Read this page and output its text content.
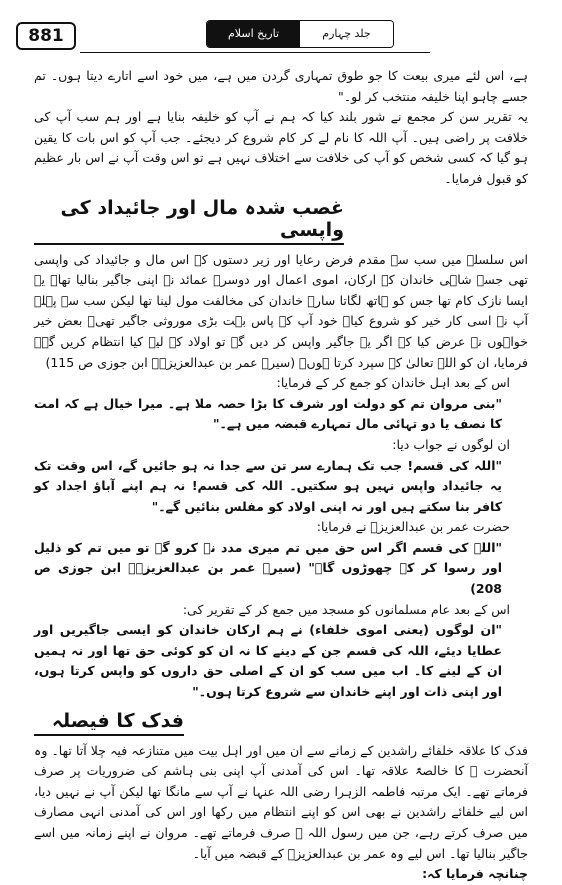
881	تاریخ اسلام	جلد چہارم

ہے، اس لئے میری بیعت کا جو طوق تمہاری گردن میں ہے، میں خود اسے اتارے دیتا ہوں۔ تم جسے چاہو اپنا خلیفہ منتخب کر لو۔"

یہ تقریر سن کر مجمع نے شور بلند کیا کہ ہم نے آپ کو خلیفہ بنایا ہے اور ہم سب آپ کی خلافت پر راضی ہیں۔ آپ اللہ کا نام لے کر کام شروع کر دیجئے۔ جب آپ کو اس بات کا یقین ہو گیا کہ کسی شخص کو آپ کی خلافت سے اختلاف نہیں ہے تو اس وقت آپ نے اس بار عظیم کو قبول فرمایا۔

غصب شدہ مال اور جائیداد کی واپسی

اس سلسلہ میں سب سے مقدم فرض رعایا اور زیر دستوں کے اس مال و جائیداد کی واپسی تھی جسے شاہی خاندان کے ارکان، اموی اعمال اور دوسرے عمائد نے اپنی جاگیر بنالیا تھا۔ یہ ایسا نازک کام تھا جس کو ہاتھ لگاتا سارے خاندان کی مخالفت مول لینا تھا لیکن سب سے پہلے آپ نے اسی کار خیر کو شروع کیا۔ خود آپ کے پاس بہت بڑی موروثی جاگیر تھی۔ بعض خیر خواہوں نے عرض کیا کہ اگر یہ جاگیر واپس کر دیں گے تو اولاد کے لیے کیا انتظام کریں گے۔ فرمایا، ان کو اللہ تعالیٰ کے سپرد کرتا ہوں۔ (سیرۃ عمر بن عبدالعزیزؒ۔ ابن جوزی ص 115)

اس کے بعد اہل خاندان کو جمع کر کے فرمایا:

"بنی مروان تم کو دولت اور شرف کا بڑا حصہ ملا ہے۔ میرا خیال ہے کہ امت کا نصف یا دو تہائی مال تمہارے قبضہ میں ہے۔"

ان لوگوں نے جواب دیا:

"اللہ کی قسم! جب تک ہمارے سر تن سے جدا نہ ہو جائیں گے، اس وقت تک یہ جائیداد واپس نہیں ہو سکتیں۔ اللہ کی قسم! نہ ہم اپنے آباؤ اجداد کو کافر بنا سکتے ہیں اور نہ اپنی اولاد کو مفلس بنائیں گے۔"

حضرت عمر بن عبدالعزیزؒ نے فرمایا:

"اللہ کی قسم اگر اس حق میں تم میری مدد نہ کرو گے تو میں تم کو ذلیل اور رسوا کر کے چھوڑوں گا۔" (سیرۃ عمر بن عبدالعزیزؒ۔ ابن جوزی ص 208)

اس کے بعد عام مسلمانوں کو مسجد میں جمع کر کے تقریر کی:

"ان لوگوں (یعنی اموی خلفاء) نے ہم ارکان خاندان کو ایسی جاگیریں اور عطایا دیئے، اللہ کی قسم جن کے دینے کا نہ ان کو کوئی حق تھا اور نہ ہمیں ان کے لینے کا۔ اب میں سب کو ان کے اصلی حق داروں کو واپس کرتا ہوں، اور اپنی ذات اور اپنے خاندان سے شروع کرتا ہوں۔"

فدک کا فیصلہ

فدک کا علاقہ خلفائے راشدین کے زمانے سے ان میں اور اہل بیت میں متنازعہ فیہ چلا آتا تھا۔ وہ آنحضرت ﷺ کا خالصۃً علاقہ تھا۔ اس کی آمدنی آپ اپنی بنی ہاشم کی ضروریات پر صرف فرماتے تھے۔ ایک مرتبہ فاطمہ الزہرا رضی اللہ عنہا نے آپ سے مانگا تھا لیکن آپ نے نہیں دیا، اس لیے خلفائے راشدین نے بھی اس کو اپنے انتظام میں رکھا اور اس کی آمدنی انہی مصارف میں صرف کرتے رہے، جن میں رسول اللہ ﷺ صرف فرماتے تھے۔ مروان نے اپنے زمانہ میں اسے جاگیر بنالیا تھا۔ اس لیے وہ عمر بن عبدالعزیزؒ کے قبضہ میں آیا۔

چنانچہ فرمایا کہ:
